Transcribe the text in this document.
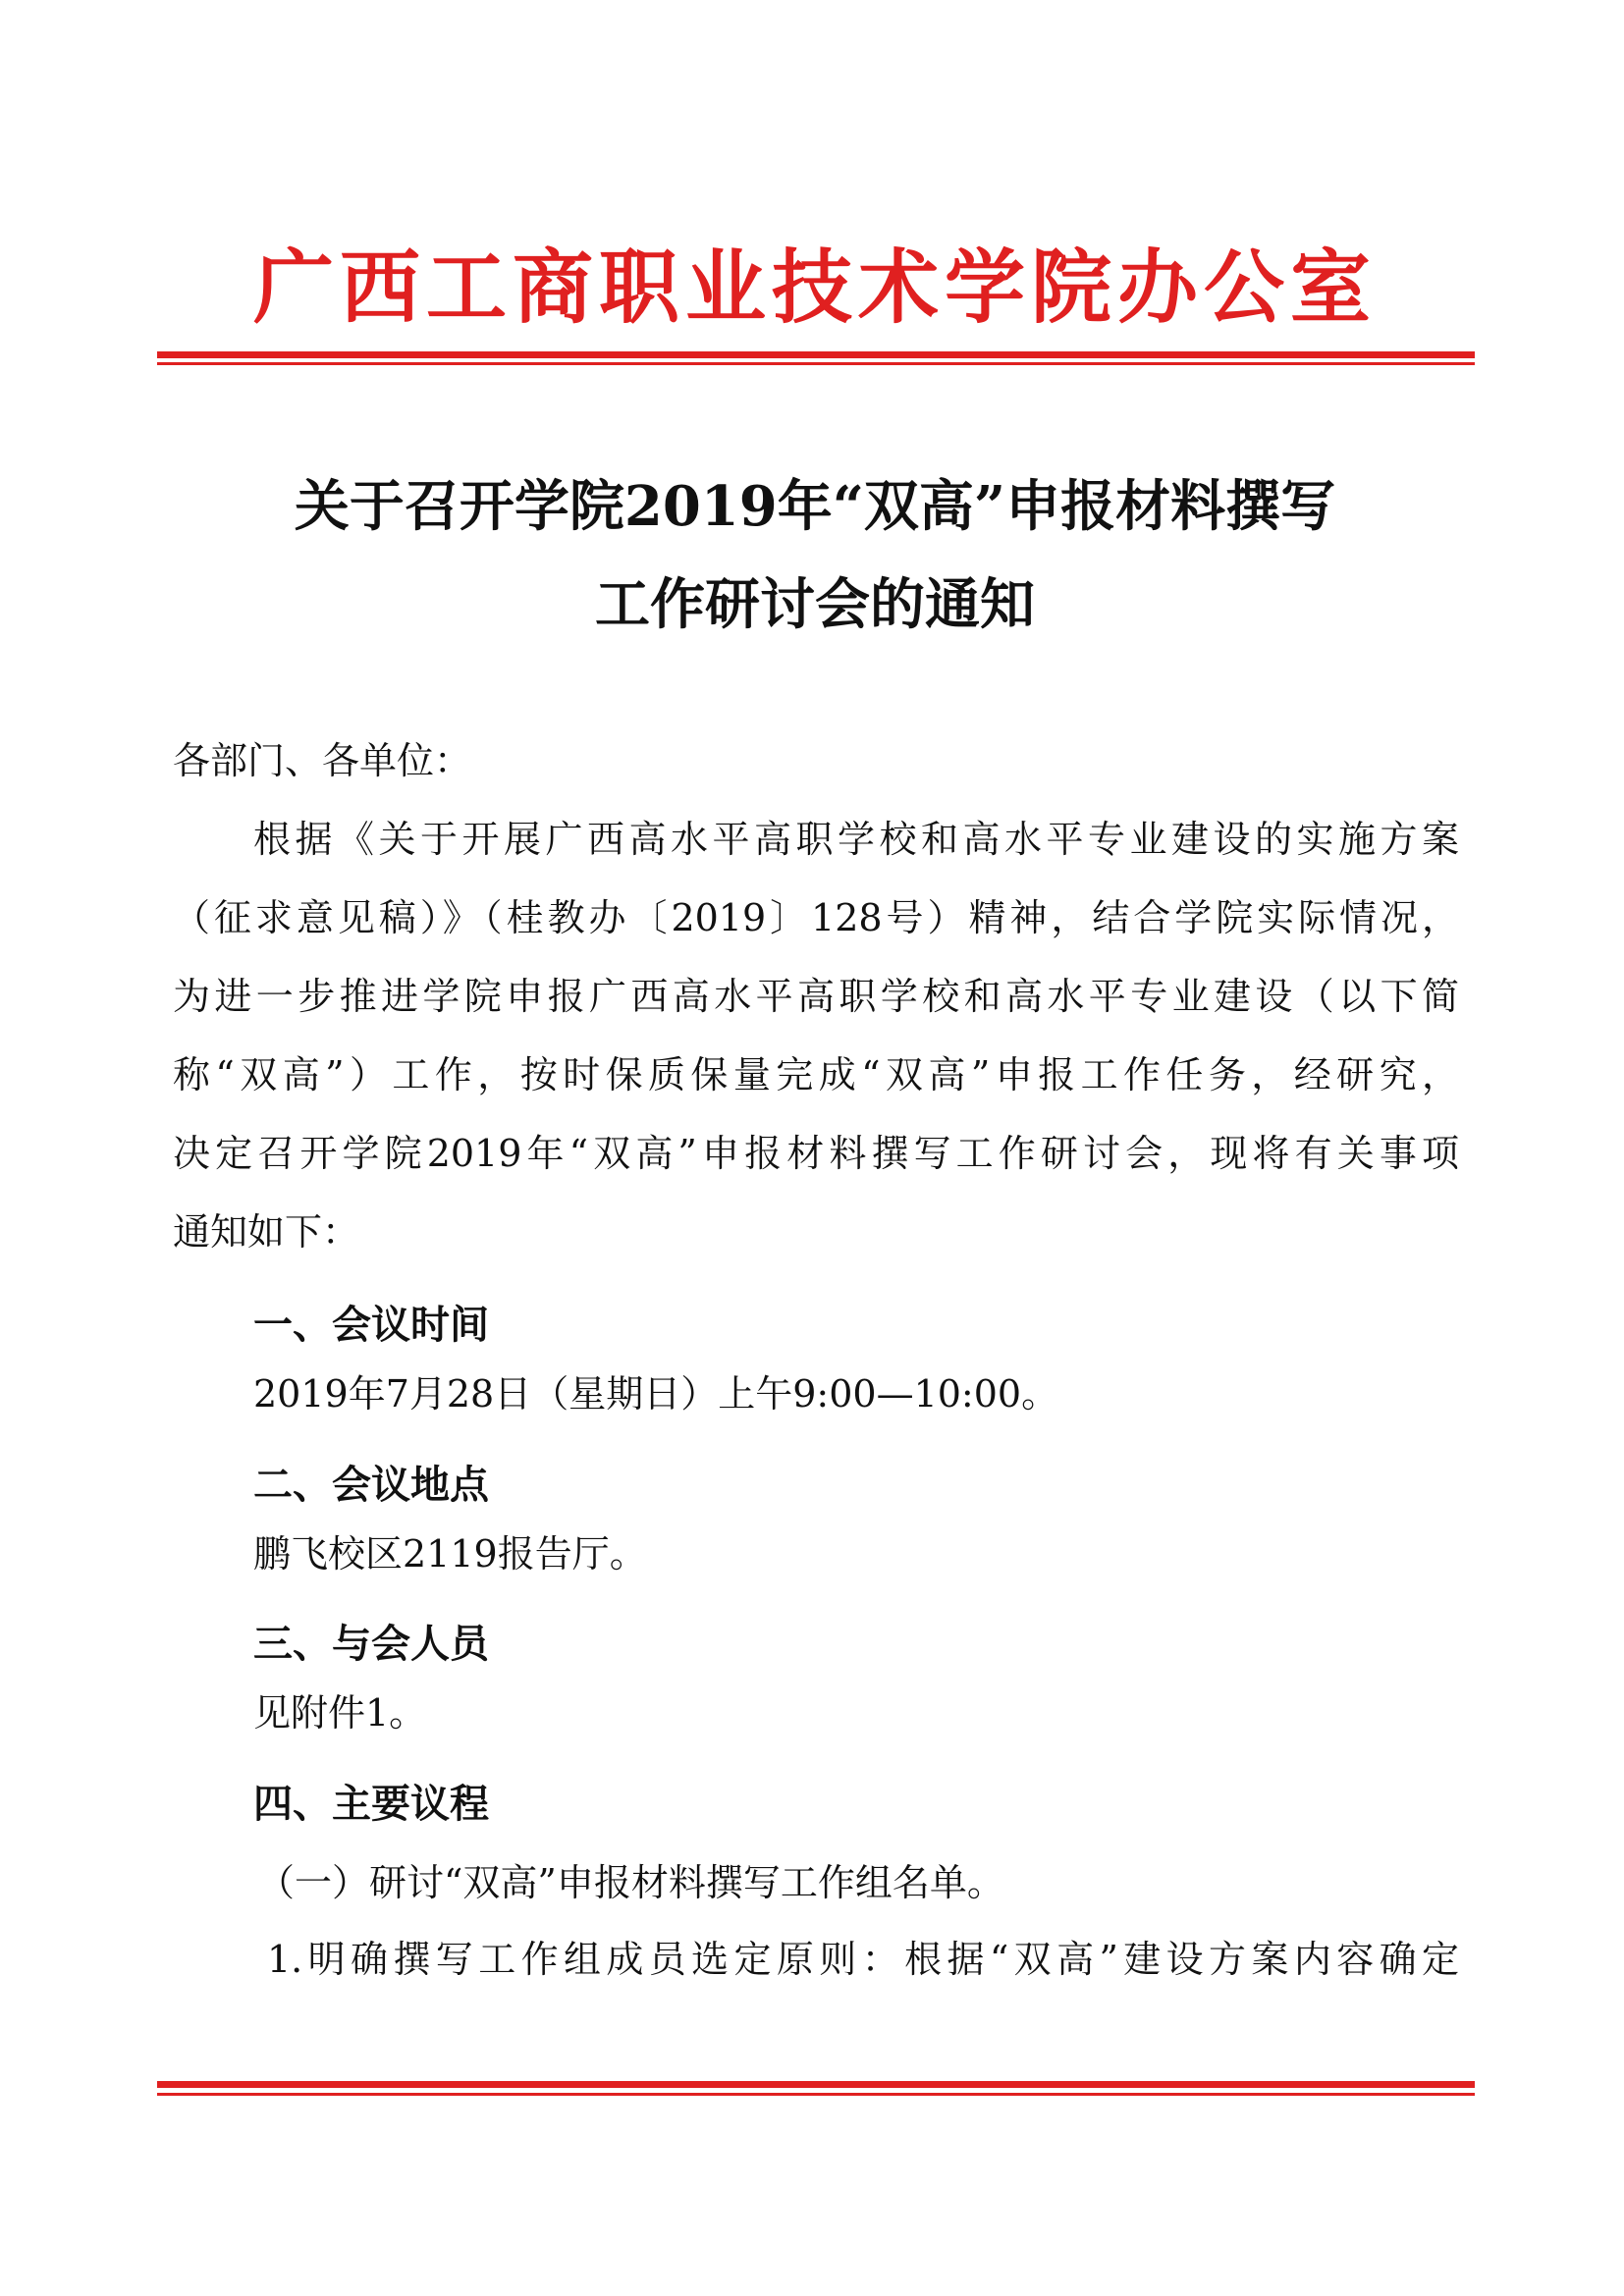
广西工商职业技术学院办公室
关于召开学院2019年“双高”申报材料撰写
工作研讨会的通知
各部门、各单位：
根据《关于开展广西高水平高职学校和高水平专业建设的实施方案
（征求意见稿）》（桂教办〔2019〕128号）精神，结合学院实际情况，
为进一步推进学院申报广西高水平高职学校和高水平专业建设（以下简
称“双高”）工作，按时保质保量完成“双高”申报工作任务，经研究，
决定召开学院2019年“双高”申报材料撰写工作研讨会，现将有关事项
通知如下：
一、会议时间
2019年7月28日（星期日）上午9:00—10:00。
二、会议地点
鹏飞校区2119报告厅。
三、与会人员
见附件1。
四、主要议程
（一）研讨“双高”申报材料撰写工作组名单。
1.明确撰写工作组成员选定原则：根据“双高”建设方案内容确定
